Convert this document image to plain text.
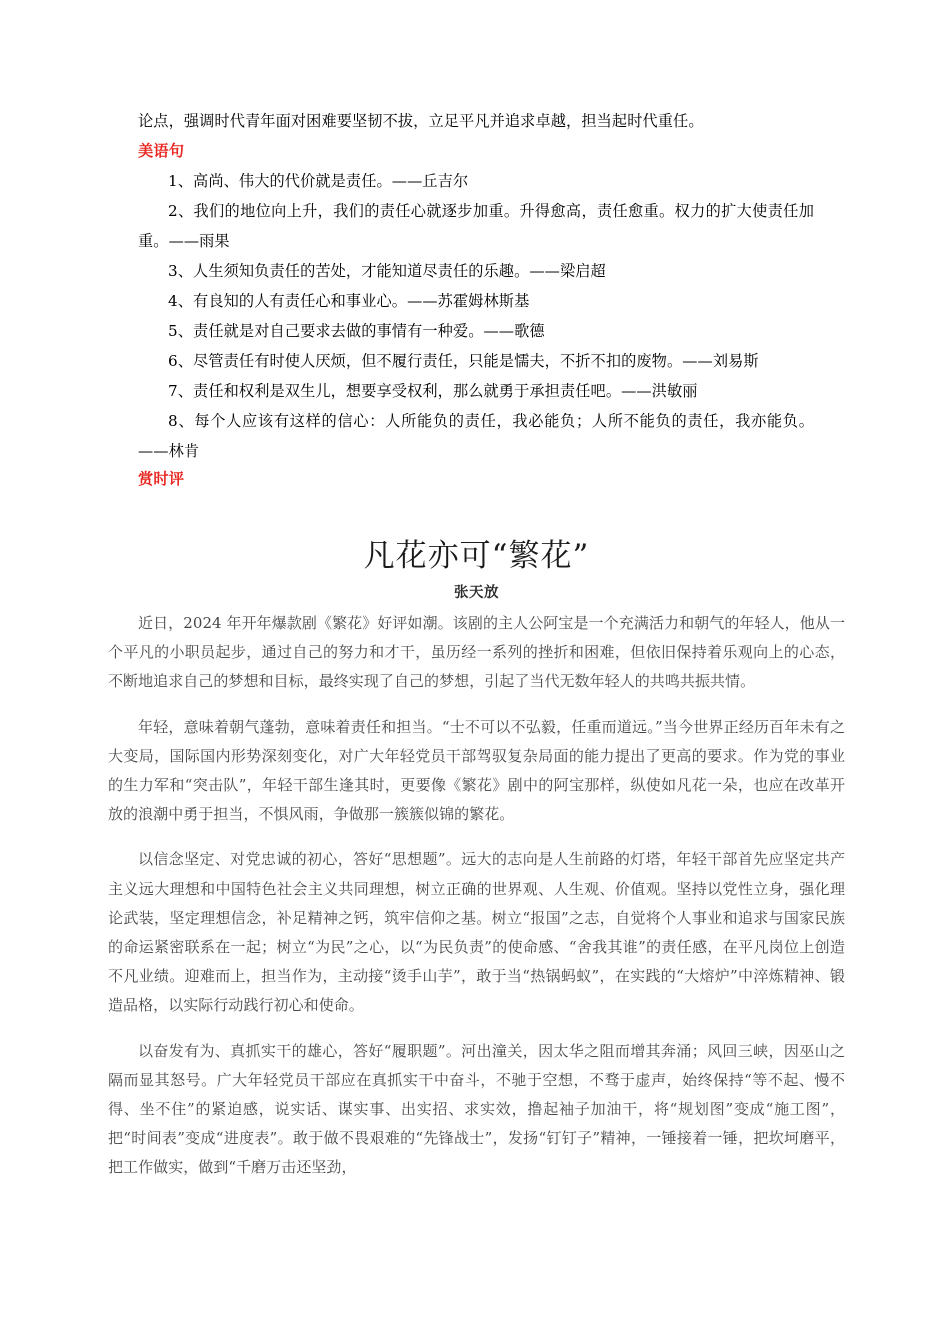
论点，强调时代青年面对困难要坚韧不拔，立足平凡并追求卓越，担当起时代重任。

美语句

1、高尚、伟大的代价就是责任。——丘吉尔

2、我们的地位向上升，我们的责任心就逐步加重。升得愈高，责任愈重。权力的扩大使责任加重。——雨果

3、人生须知负责任的苦处，才能知道尽责任的乐趣。——梁启超

4、有良知的人有责任心和事业心。——苏霍姆林斯基

5、责任就是对自己要求去做的事情有一种爱。——歌德

6、尽管责任有时使人厌烦，但不履行责任，只能是懦夫，不折不扣的废物。——刘易斯

7、责任和权利是双生儿，想要享受权利，那么就勇于承担责任吧。——洪敏丽

8、每个人应该有这样的信心：人所能负的责任，我必能负；人所不能负的责任，我亦能负。——林肯

赏时评

凡花亦可“繁花”
张天放

近日，2024 年开年爆款剧《繁花》好评如潮。该剧的主人公阿宝是一个充满活力和朝气的年轻人，他从一个平凡的小职员起步，通过自己的努力和才干，虽历经一系列的挫折和困难，但依旧保持着乐观向上的心态，不断地追求自己的梦想和目标，最终实现了自己的梦想，引起了当代无数年轻人的共鸣共振共情。

年轻，意味着朝气蓬勃，意味着责任和担当。“士不可以不弘毅，任重而道远。”当今世界正经历百年未有之大变局，国际国内形势深刻变化，对广大年轻党员干部驾驭复杂局面的能力提出了更高的要求。作为党的事业的生力军和“突击队”，年轻干部生逢其时，更要像《繁花》剧中的阿宝那样，纵使如凡花一朵，也应在改革开放的浪潮中勇于担当，不惧风雨，争做那一簇簇似锦的繁花。

以信念坚定、对党忠诚的初心，答好“思想题”。远大的志向是人生前路的灯塔，年轻干部首先应坚定共产主义远大理想和中国特色社会主义共同理想，树立正确的世界观、人生观、价值观。坚持以党性立身，强化理论武装，坚定理想信念，补足精神之钙，筑牢信仰之基。树立“报国”之志，自觉将个人事业和追求与国家民族的命运紧密联系在一起；树立“为民”之心，以“为民负责”的使命感、“舍我其谁”的责任感，在平凡岗位上创造不凡业绩。迎难而上，担当作为，主动接“烫手山芋”，敢于当“热锅蚂蚁”，在实践的“大熔炉”中淬炼精神、锻造品格，以实际行动践行初心和使命。

以奋发有为、真抓实干的雄心，答好“履职题”。河出潼关，因太华之阻而增其奔涌；风回三峡，因巫山之隔而显其怒号。广大年轻党员干部应在真抓实干中奋斗，不驰于空想，不骛于虚声，始终保持“等不起、慢不得、坐不住”的紧迫感，说实话、谋实事、出实招、求实效，撸起袖子加油干，将“规划图”变成“施工图”，把“时间表”变成“进度表”。敢于做不畏艰难的“先锋战士”，发扬“钉钉子”精神，一锤接着一锤，把坎坷磨平，把工作做实，做到“千磨万击还坚劲，
